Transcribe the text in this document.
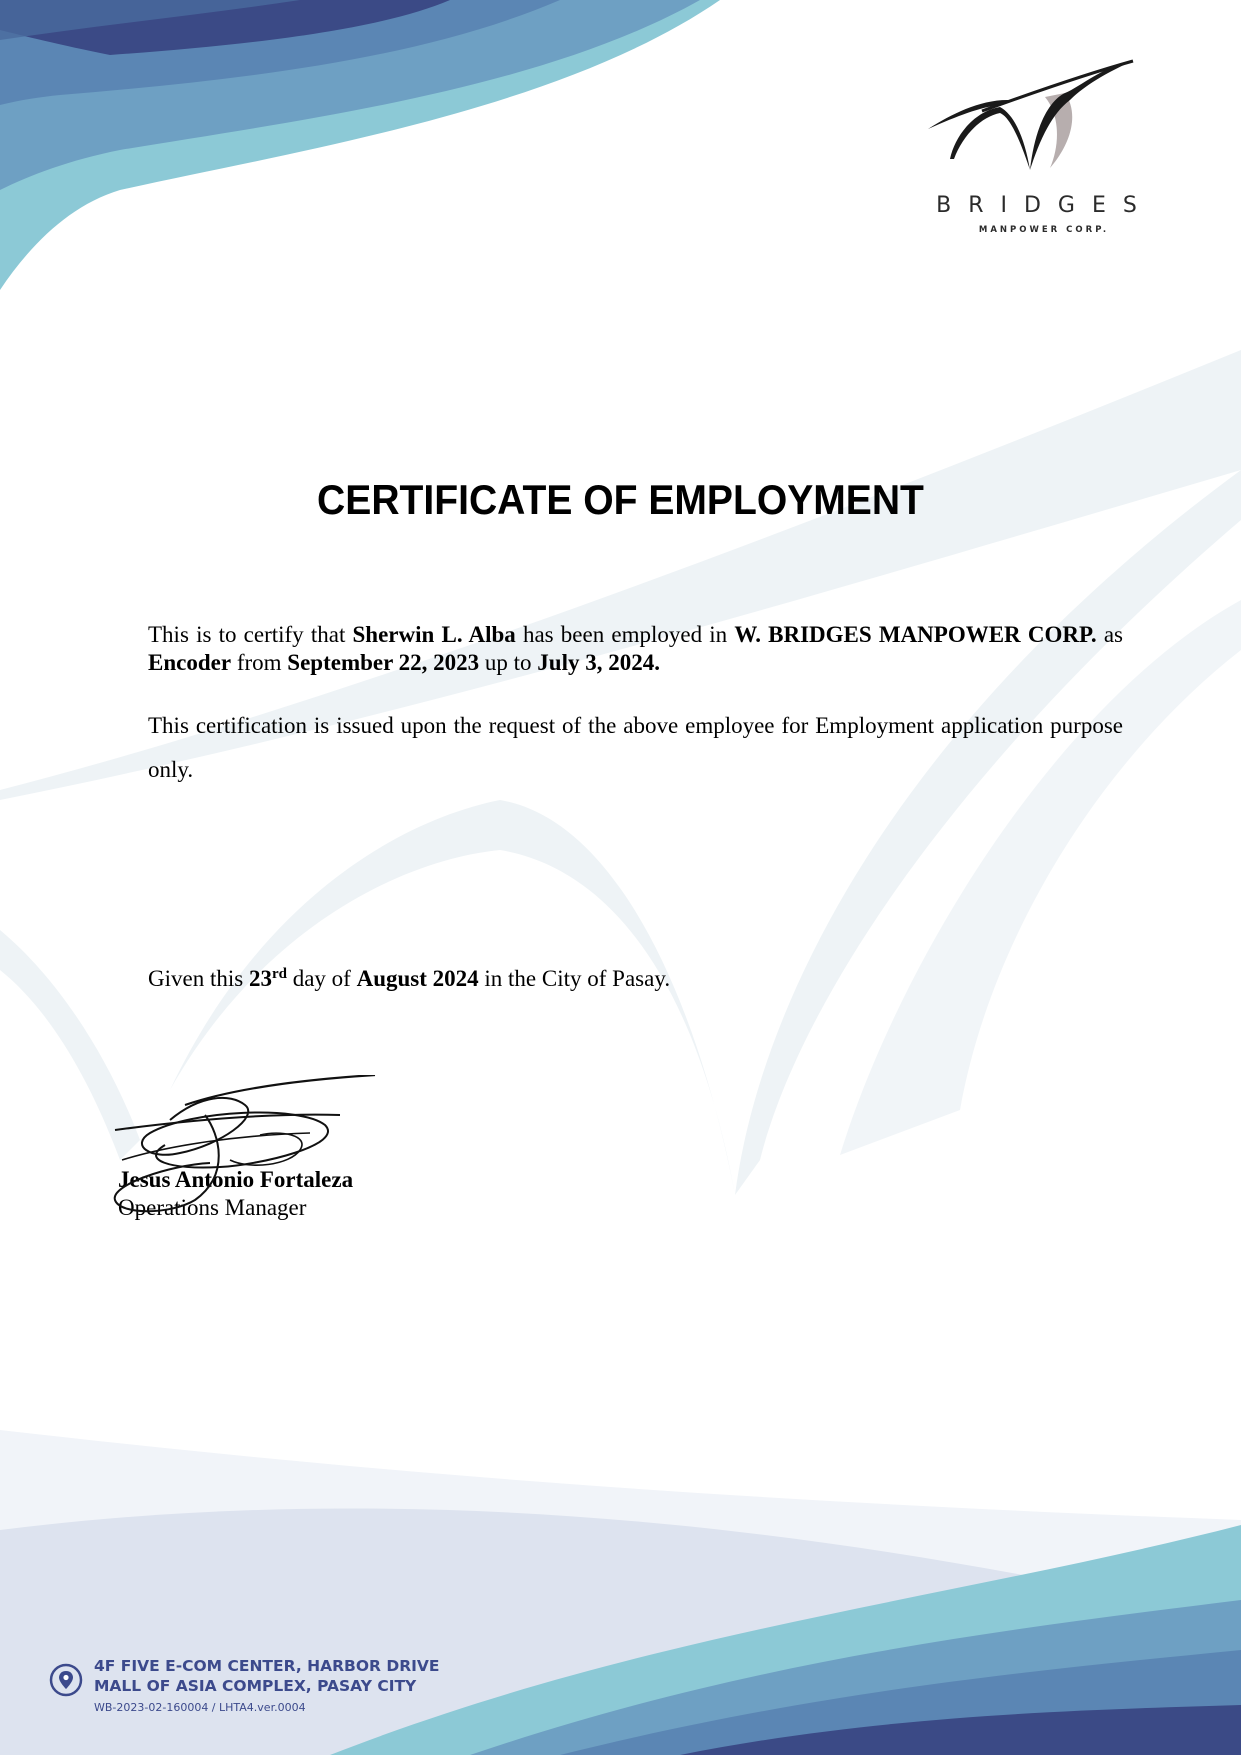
BRIDGES
MANPOWER CORP.
CERTIFICATE OF EMPLOYMENT
This is to certify that Sherwin L. Alba has been employed in W. BRIDGES MANPOWER CORP. as Encoder from September 22, 2023 up to July 3, 2024.
This certification is issued upon the request of the above employee for Employment application purpose only.
Given this 23rd day of August 2024 in the City of Pasay.
Jesus Antonio Fortaleza
Operations Manager
4F FIVE E-COM CENTER, HARBOR DRIVE
MALL OF ASIA COMPLEX, PASAY CITY
WB-2023-02-160004 / LHTA4.ver.0004
